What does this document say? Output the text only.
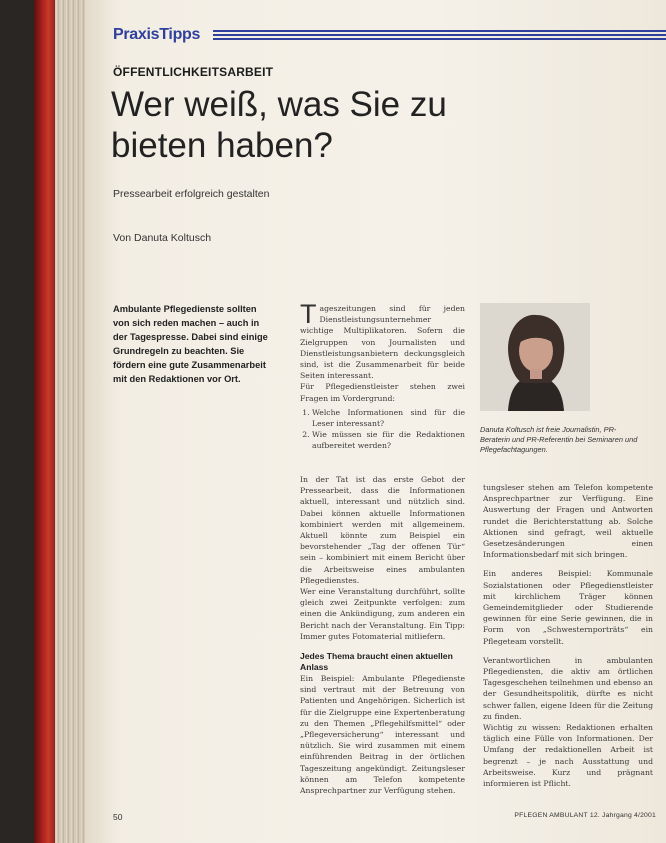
PraxisTipps
ÖFFENTLICHKEITSARBEIT
Wer weiß, was Sie zu bieten haben?
Pressearbeit erfolgreich gestalten
Von Danuta Koltusch
Ambulante Pflegedienste sollten von sich reden machen – auch in der Tagespresse. Dabei sind einige Grundregeln zu beachten. Sie fördern eine gute Zusammenarbeit mit den Redaktionen vor Ort.

Tageszeitungen sind für jeden Dienstleistungsunternehmer wichtige Multiplikatoren. Sofern die Zielgruppen von Journalisten und Dienstleistungsanbietern deckungsgleich sind, ist die Zusammenarbeit für beide Seiten interessant.

Für Pflegedienstleister stehen zwei Fragen im Vordergrund:

1. Welche Informationen sind für die Leser interessant?
2. Wie müssen sie für die Redaktionen aufbereitet werden?

In der Tat ist das erste Gebot der Pressearbeit, dass die Informationen aktuell, interessant und nützlich sind. Dabei können aktuelle Informationen kombiniert werden mit allgemeinem. Aktuell könnte zum Beispiel ein bevorstehender „Tag der offenen Tür“ sein – kombiniert mit einem Bericht über die Arbeitsweise eines ambulanten Pflegedienstes.

Wer eine Veranstaltung durchführt, sollte gleich zwei Zeitpunkte verfolgen: zum einen die Ankündigung, zum anderen ein Bericht nach der Veranstaltung. Ein Tipp: Immer gutes Fotomaterial mitliefern.

Jedes Thema braucht einen aktuellen Anlass

Ein Beispiel: Ambulante Pflegedienste sind vertraut mit der Betreuung von Patienten und Angehörigen. Sicherlich ist für die Zielgruppe eine Expertenberatung zu den Themen „Pflegehilfsmittel“ oder „Pflegeversicherung“ interessant und nützlich. Sie wird zusammen mit einem einführenden Beitrag in der örtlichen Tageszeitung angekündigt. Zeitungsleser können am Telefon kompetente Ansprechpartner zur Verfügung stehen.

Danuta Koltusch ist freie Journalistin, PR-Beraterin und PR-Referentin bei Seminaren und Pflegefachtagungen.

tungsleser stehen am Telefon kompetente Ansprechpartner zur Verfügung. Eine Auswertung der Fragen und Antworten rundet die Berichterstattung ab. Solche Aktionen sind gefragt, weil aktuelle Gesetzesänderungen einen Informationsbedarf mit sich bringen.

Ein anderes Beispiel: Kommunale Sozialstationen oder Pflegedienstleister mit kirchlichem Träger können Gemeindemitglieder oder Studierende gewinnen für eine Serie gewinnen, die in Form von „Schwesternporträts“ ein Pflegeteam vorstellt.

Verantwortlichen in ambulanten Pflegediensten, die aktiv am örtlichen Tagesgeschehen teilnehmen und ebenso an der Gesundheitspolitik, dürfte es nicht schwer fallen, eigene Ideen für die Zeitung zu finden.

Wichtig zu wissen: Redaktionen erhalten täglich eine Fülle von Informationen. Der Umfang der redaktionellen Arbeit ist begrenzt – je nach Ausstattung und Arbeitsweise. Kurz und prägnant informieren ist Pflicht.

50	PFLEGEN AMBULANT 12. Jahrgang 4/2001
